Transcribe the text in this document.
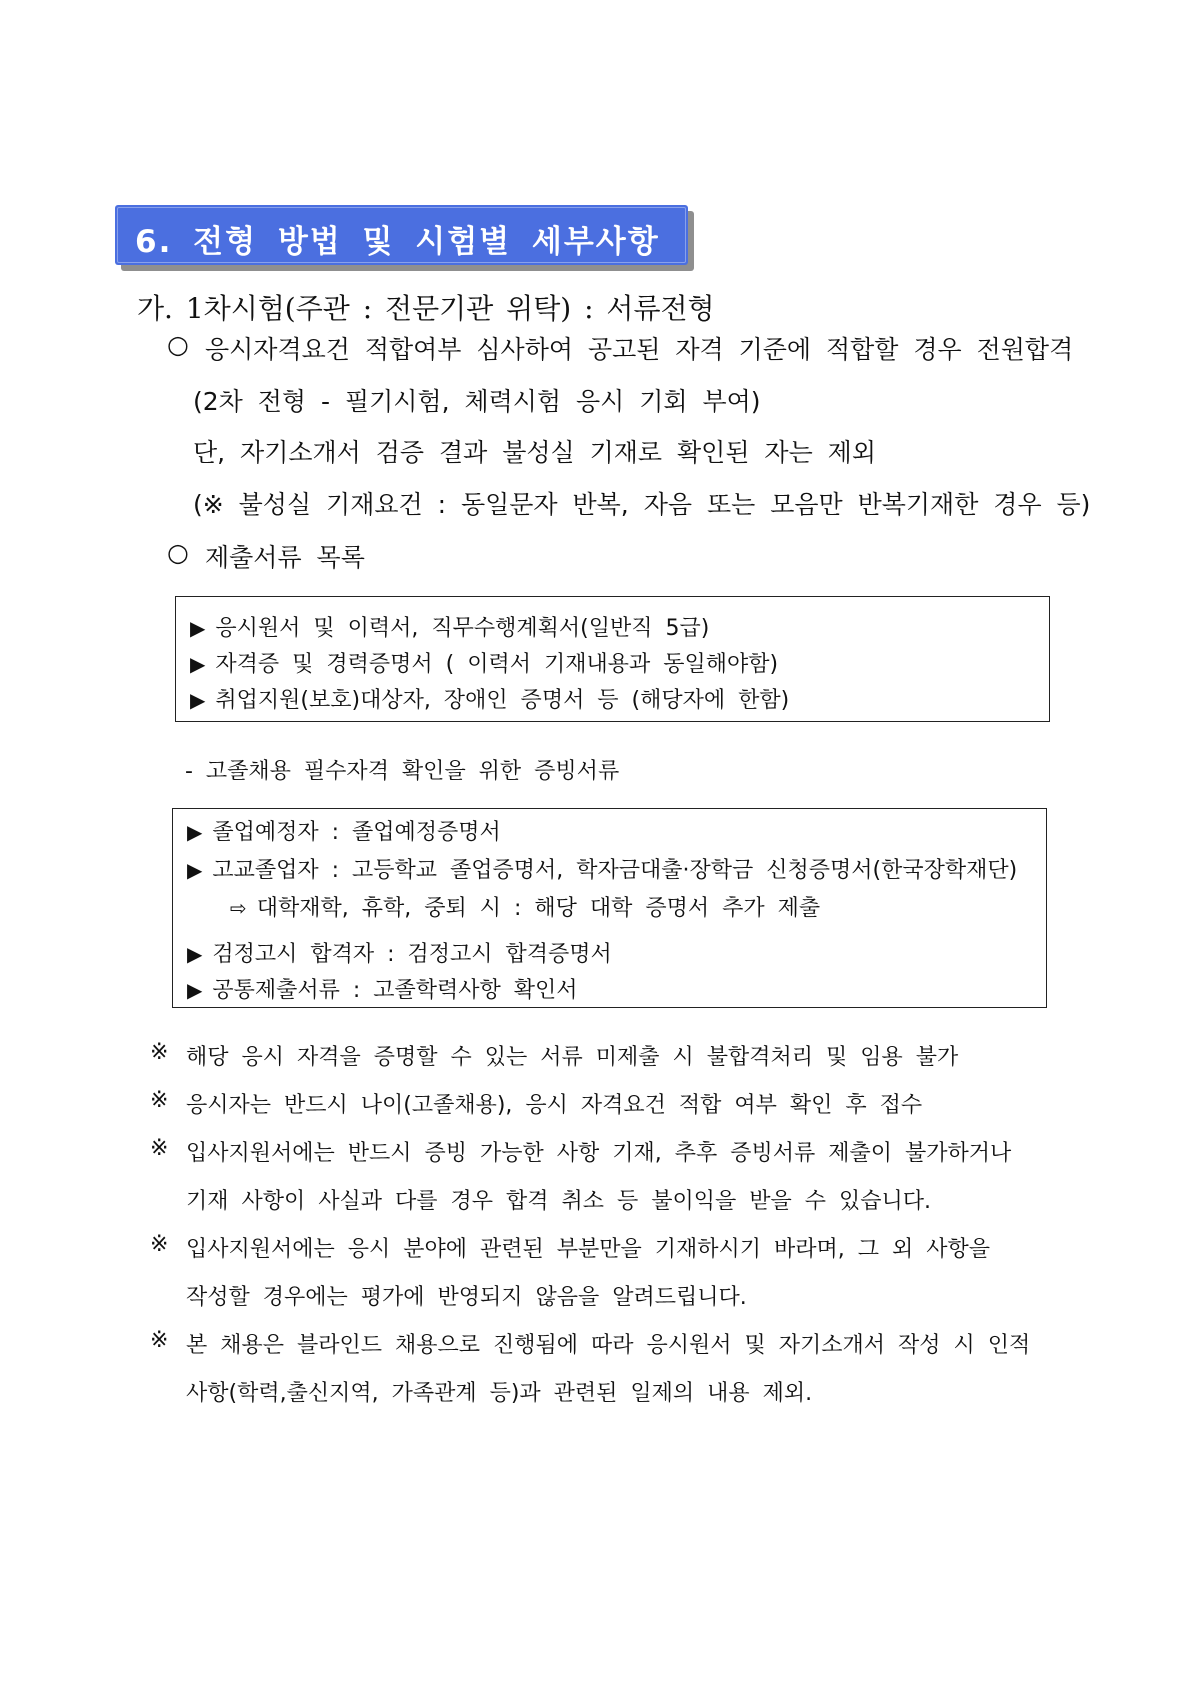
6. 전형 방법 및 시험별 세부사항
가. 1차시험(주관 : 전문기관 위탁) : 서류전형
○ 응시자격요건 적합여부 심사하여 공고된 자격 기준에 적합할 경우 전원합격
(2차 전형 - 필기시험, 체력시험 응시 기회 부여)
단, 자기소개서 검증 결과 불성실 기재로 확인된 자는 제외
(※ 불성실 기재요건 : 동일문자 반복, 자음 또는 모음만 반복기재한 경우 등)
○ 제출서류 목록
▶ 응시원서 및 이력서, 직무수행계획서(일반직 5급)
▶ 자격증 및 경력증명서 ( 이력서 기재내용과 동일해야함)
▶ 취업지원(보호)대상자, 장애인 증명서 등 (해당자에 한함)
- 고졸채용 필수자격 확인을 위한 증빙서류
▶ 졸업예정자 : 졸업예정증명서
▶ 고교졸업자 : 고등학교 졸업증명서, 학자금대출·장학금 신청증명서(한국장학재단)
⇨ 대학재학, 휴학, 중퇴 시 : 해당 대학 증명서 추가 제출
▶ 검정고시 합격자 : 검정고시 합격증명서
▶ 공통제출서류 : 고졸학력사항 확인서
※ 해당 응시 자격을 증명할 수 있는 서류 미제출 시 불합격처리 및 임용 불가
※ 응시자는 반드시 나이(고졸채용), 응시 자격요건 적합 여부 확인 후 접수
※ 입사지원서에는 반드시 증빙 가능한 사항 기재, 추후 증빙서류 제출이 불가하거나
기재 사항이 사실과 다를 경우 합격 취소 등 불이익을 받을 수 있습니다.
※ 입사지원서에는 응시 분야에 관련된 부분만을 기재하시기 바라며, 그 외 사항을
작성할 경우에는 평가에 반영되지 않음을 알려드립니다.
※ 본 채용은 블라인드 채용으로 진행됨에 따라 응시원서 및 자기소개서 작성 시 인적
사항(학력,출신지역, 가족관계 등)과 관련된 일제의 내용 제외.
